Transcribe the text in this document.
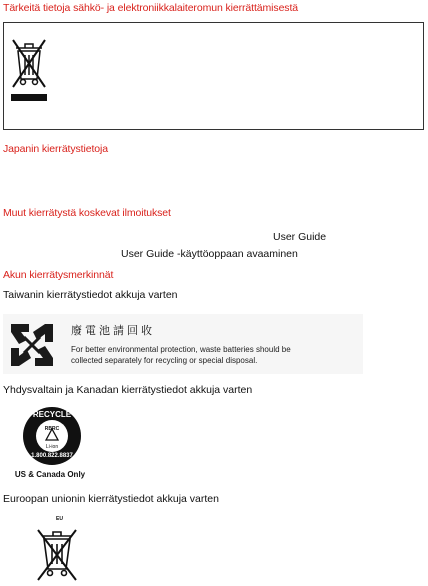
Tärkeitä tietoja sähkö- ja elektroniikkalaiteromun kierrättämisestä
Japanin kierrätystietoja
Muut kierrätystä koskevat ilmoitukset
User Guide
User Guide -käyttöoppaan avaaminen
Akun kierrätysmerkinnät
Taiwanin kierrätystiedot akkuja varten
廢電池請回收
For better environmental protection, waste batteries should be
collected separately for recycling or special disposal.
Yhdysvaltain ja Kanadan kierrätystiedot akkuja varten
RECYCLE
RBRC
Li-ion
1.800.822.8837
US & Canada Only
Euroopan unionin kierrätystiedot akkuja varten
EU
